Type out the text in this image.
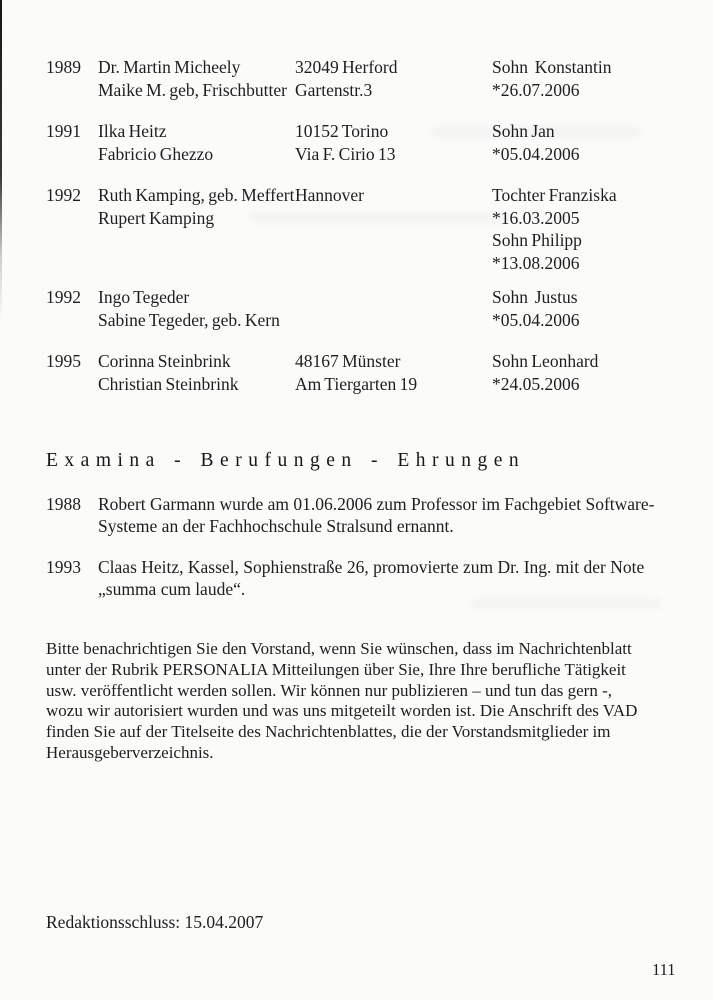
1989 Dr. Martin Micheely
Maike M. geb, Frischbutter
32049 Herford
Gartenstr.3
Sohn  Konstantin
*26.07.2006
1991 Ilka Heitz
Fabricio Ghezzo
10152 Torino
Via F. Cirio 13
Sohn Jan
*05.04.2006
1992 Ruth Kamping, geb. Meffert
Rupert Kamping
Hannover	Tochter Franziska
*16.03.2005
Sohn Philipp
*13.08.2006
1992 Ingo Tegeder
Sabine Tegeder, geb. Kern
Sohn  Justus
*05.04.2006
1995 Corinna Steinbrink
Christian Steinbrink
48167 Münster
Am Tiergarten 19
Sohn Leonhard
*24.05.2006
Examina - Berufungen - Ehrungen
1988 Robert Garmann wurde am 01.06.2006 zum Professor im Fachgebiet Software-
Systeme an der Fachhochschule Stralsund ernannt.
1993 Claas Heitz, Kassel, Sophienstraße 26, promovierte zum Dr. Ing. mit der Note
„summa cum laude“.
Bitte benachrichtigen Sie den Vorstand, wenn Sie wünschen, dass im Nachrichtenblatt
unter der Rubrik PERSONALIA Mitteilungen über Sie, Ihre Ihre berufliche Tätigkeit
usw. veröffentlicht werden sollen. Wir können nur publizieren – und tun das gern -,
wozu wir autorisiert wurden und was uns mitgeteilt worden ist. Die Anschrift des VAD
finden Sie auf der Titelseite des Nachrichtenblattes, die der Vorstandsmitglieder im
Herausgeberverzeichnis.
Redaktionsschluss: 15.04.2007
111
